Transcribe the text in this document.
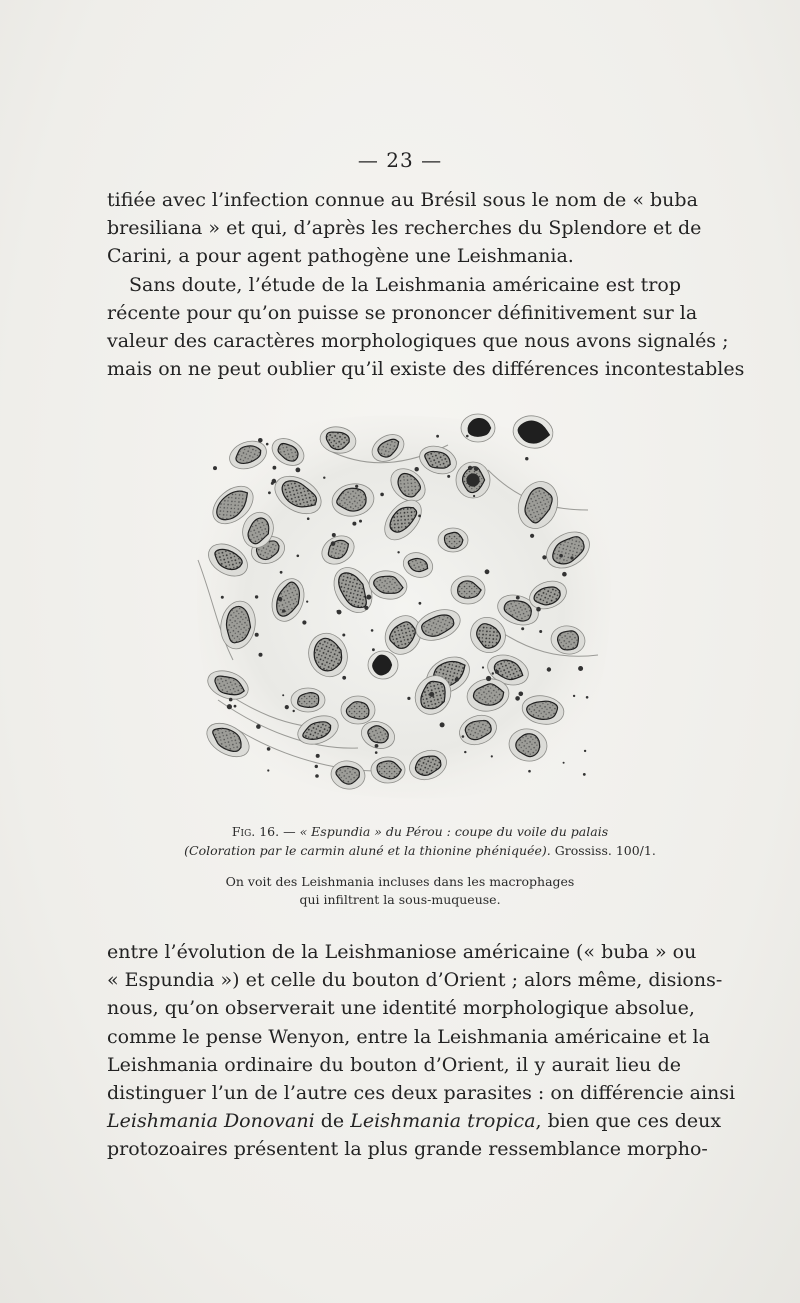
— 23 —
tifiée avec l’infection connue au Brésil sous le nom de « buba
bresiliana » et qui, d’après les recherches du Splendore et de
Carini, a pour agent pathogène une Leishmania.
Sans doute, l’étude de la Leishmania américaine est trop
récente pour qu’on puisse se prononcer définitivement sur la
valeur des caractères morphologiques que nous avons signalés ;
mais on ne peut oublier qu’il existe des différences incontestables
Fig. 16. — « Espundia » du Pérou : coupe du voile du palais
(Coloration par le carmin aluné et la thionine phéniquée). Grossiss. 100/1.
On voit des Leishmania incluses dans les macrophages
qui infiltrent la sous-muqueuse.
entre l’évolution de la Leishmaniose américaine (« buba » ou
« Espundia ») et celle du bouton d’Orient ; alors même, disions-
nous, qu’on observerait une identité morphologique absolue,
comme le pense Wenyon, entre la Leishmania américaine et la
Leishmania ordinaire du bouton d’Orient, il y aurait lieu de
distinguer l’un de l’autre ces deux parasites : on différencie ainsi
Leishmania Donovani de Leishmania tropica, bien que ces deux
protozoaires présentent la plus grande ressemblance morpho-
